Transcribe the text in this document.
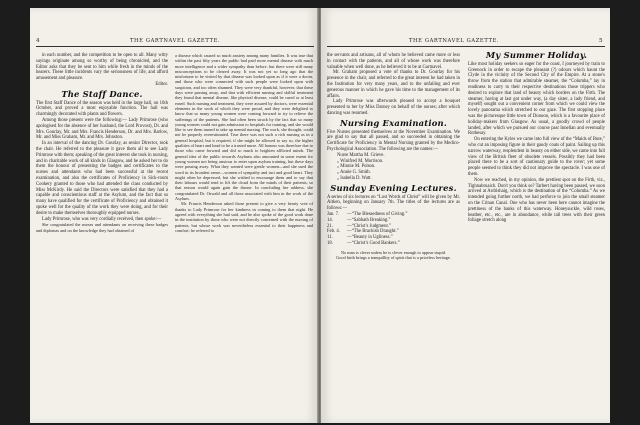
4	THE GARTNAVEL GAZETTE.

in each number, and the competition to be open to all. Many witty sayings originate among so worthy of being chronicled, and the Editor asks that they be sent to him while fresh in the minds of the hearers. These little incidents vary the seriousness of life, and afford amusement and pleasure.

Editor.

The Staff Dance.

The first Staff Dance of the season was held in the large hall, on 16th October, and proved a most enjoyable function. The hall was charmingly decorated with plants and flowers.

Among those present were the following:— Lady Primrose (who apologised for the absence of her husband, the Lord Provost), Dr. and Mrs. Gourlay, Mr. and Mrs. Francis Henderson, Dr. and Mrs. Barlow, Mr. and Miss Graham, Mr. and Mrs. Johnston.

In an interval of the dancing Dr. Gourlay, as senior Director, took the chair. He referred to the pleasure it gave them all to see Lady Primrose with them; speaking of the great interest she took in nursing, and in charitable work of all kinds in Glasgow, and he asked her to do them the honour of presenting the badges and certificates to the nurses and attendants who had been successful at the recent examination, and also the certificates of Proficiency in Sick-room Cookery granted to those who had attended the class conducted by Miss McKirdy. He said the Directors were satisfied that they had a capable and conscientious staff at the Asylum, and the fact that so many have qualified for the certificate of Proficiency and obtained it spoke well for the quality of the work they were doing, and for their desire to make themselves thoroughly equipped nurses.

Lady Primrose, who was very cordially received, then spoke:—

She congratulated the nurses and attendants on receiving these badges and diplomas and on the knowledge they had obtained of

a disease which caused so much anxiety among many families. It was true that within the past fifty years the public had paid more mental disease with much more intelligence and a wider sympathy than before, but there were still many misconceptions to be cleared away. It was not yet so long ago that the misfortune to be visited by that disease was looked upon as if it were a doom, and those who were connected with such people were looked upon with suspicion, and too often shunned. They were very thankful, however, that these days were passing away, and that with efficient nursing and skilful treatment they found that mental disease, like physical disease, could be cured or at least eased. Such nursing and treatment, they were assured by doctors, were essential elements in the work of which they were proud, and they were delighted to know that so many young women were coming forward to try to relieve the sufferings of the patients. She had often been struck by the fact that so many young women could not gain admission to hospitals for training, and she would like to see them turned to take up mental nursing. The work, she thought, could not be properly overestimated. True there was not such a rich nursing as in a general hospital, but it required, if she might be allowed to say so, the higher qualities of heart and head to be a trusted nurse. All honour was therefore due to those who came forward and did so much to brighten afflicted minds. The general idea of the public towards Asylums also amounted in some extent for young women not being anxious to enter upon asylum training, but these days were passing away. What they wanted were gentle women—and she used the word in its broadest sense—women of sympathy and tact and good heart. They might often be depressed, but she wished to encourage them and to say that their labours would tend to lift the cloud from the minds of their patients, so that reason would again gain the throne. In concluding her address, she congratulated Dr. Oswald and all those associated with him in the work of the Asylum.

Mr. Francis Henderson asked those present to give a very hearty vote of thanks to Lady Primrose for her kindness in coming to them that night. He agreed with everything she had said, and he also spoke of the good work done in the institution by those who were not directly concerned with the nursing of patients, but whose work was nevertheless essential to their happiness and comfort; he referred to

THE GARTNAVEL GAZETTE.	5

the servants and artisans, all of whom he believed came more or less in contact with the patients, and all of whose work was therefore valuable when well done, as he believed it to be at Gartnavel.

Mr. Graham proposed a vote of thanks to Dr. Gourlay for his presence in the chair, and referred to the great interest he had taken in the Institution for very many years, and to the unfailing and ever generous manner in which he gave his time to the management of its affairs.

Lady Primrose was afterwards pleased to accept a bouquet presented to her by Miss Darney on behalf of the nurses; after which dancing was resumed.

Nursing Examination.

Five Nurses presented themselves at the November Examination. We are glad to say that all passed, and so succeeded in obtaining the Certificate for Proficiency in Mental Nursing granted by the Medico-Psychological Association. The following are the names:—

Nurse Martha M. Grieve.
„ Winifred M. Morrison.
„ Minnie M. Polson.
„ Annie G. Smith.
„ Isabella D. Watt.
Sunday Evening Lectures.

A series of six lectures on “Lost Words of Christ” will be given by Mr. Aitken, beginning on January 7th. The titles of the lectures are as follows:—

Jan. 7.	—“The Blessedness of Giving.”
14.	—“Sabbath Breaking.”
21.	—“Christ’s Judgment.”
Feb. 4.	—“The Brackish Draught.”
11.	—“Beauty in Ugliness.”
18.	—“Christ’s Good Bankers.”

No man is clever unless he is clever enough to appear stupid.

Good birth brings a tranquillity of spirit that is a priceless heritage.

My Summer Holiday.

Like most holiday seekers so eager for the coast, I journeyed by train to Greenock in order to escape the pleasant (?) odours which haunt the Clyde in the vicinity of the Second City of the Empire. At a stone's throw from the station that admirable steamer, the “Columba,” lay in readiness to carry to their respective destinations those trippers who desired to explore that land of beauty which borders on the Firth. The steamer, having at last got under way, (a day sister, a lady friend, and myself) sought out a convenient corner from which we could view the lovely panorama which stretched to our gaze. The first stopping place was the picturesque little town of Dunoon, which is a favourite place of holiday-makers from Glasgow. As usual, a goodly crowd of people landed, after which we pursued our course past Innellan and eventually Rothesay.

On entering the Kyles we came into full view of the “Maids of Bute,” who cut an imposing figure in their gaudy coats of paint. Sailing up this narrow waterway, resplendent in beauty on either side, we came into full view of the British fleet of obsolete vessels. Possibly they had been placed there to be a sort of cautionary guide to the rover; yet some people seemed to think they did not improve the spectacle. I was one of them.

Now we reached, in my opinion, the prettiest spot on the Firth, viz., Tighnabruaich. Don't you think so? Tarbert having been passed, we soon arrived at Ardrishaig, which is the destination of the “Columba.” As we intended going further north, we had perforce to join the small steamer on the Crinan Canal. One who has never been here cannot imagine the prettiness of the banks of this waterway. Honeysuckle, wild roses, heather, etc., etc., are in abundance, while tall trees with their green foliage stretch along
